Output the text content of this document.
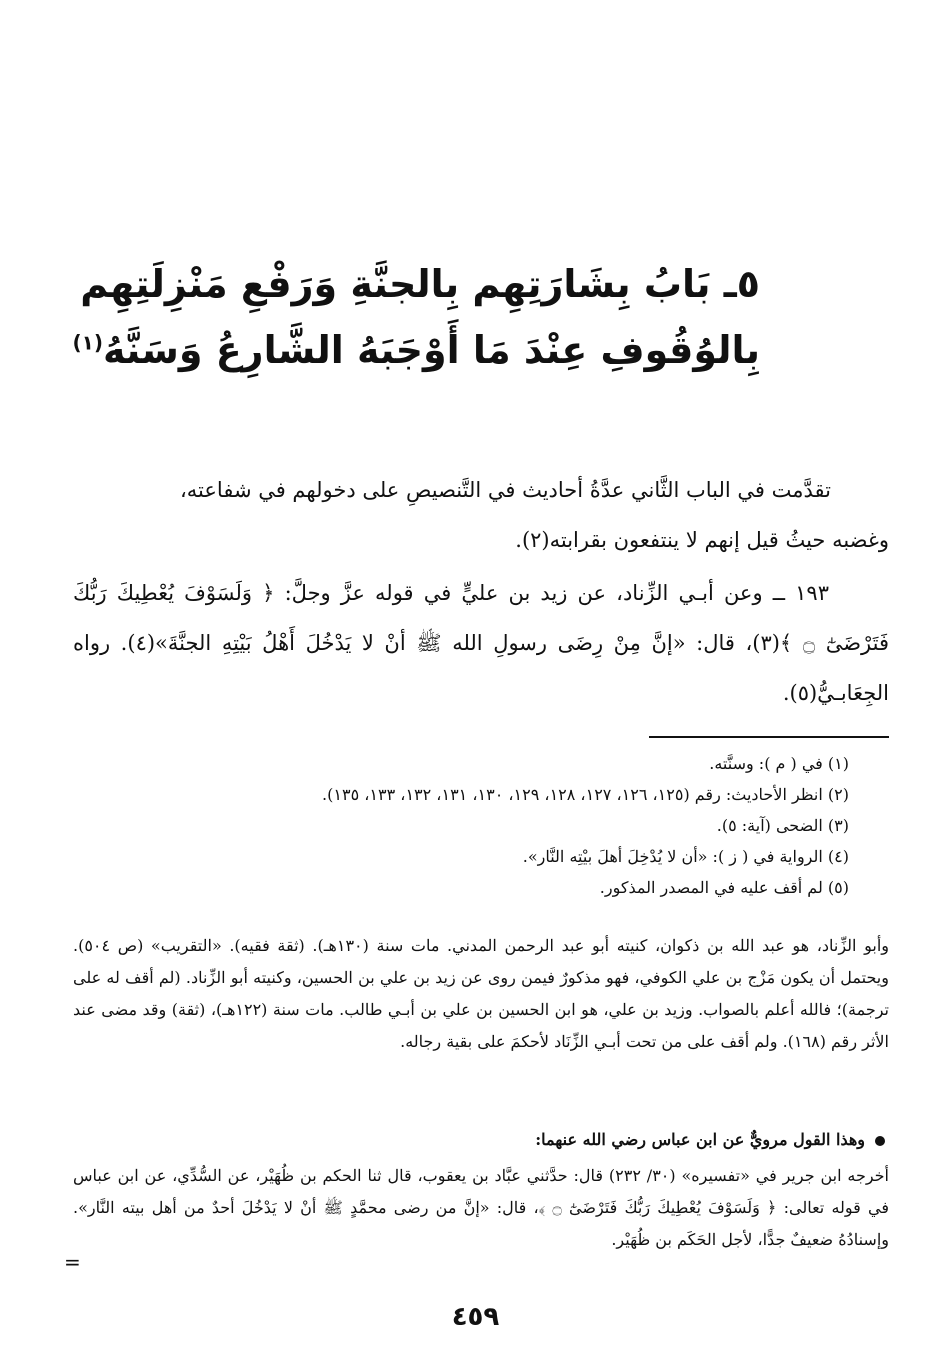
٥ـ بَابُ بِشَارَتِهِم بِالجنَّةِ وَرَفْعِ مَنْزِلَتِهِم
بِالوُقُوفِ عِنْدَ مَا أَوْجَبَهُ الشَّارِعُ وَسَنَّهُ$^{(١)}$
تقدَّمت في الباب الثَّاني عدَّةُ أحاديث في التَّنصيصِ على دخولهم في شفاعته،
وغضبه حيثُ قيل إنهم لا ينتفعون بقرابته(٢).
١٩٣ ــ وعن أبـي الزِّناد، عن زيد بن عليٍّ في قوله عزَّ وجلَّ: ﴿ وَلَسَوْفَ يُعْطِيكَ رَبُّكَ فَتَرْضَىٰٓ ۝ ﴾(٣)، قال: «إنَّ مِنْ رِضَى رسولِ الله ﷺ أنْ لا يَدْخُلَ أَهْلُ بَيْتِهِ الجنَّةَ»(٤). رواه الجِعَابـيُّ(٥).
(١) في ( م ): وسنَّته.
(٢) انظر الأحاديث: رقم (١٢٥، ١٢٦، ١٢٧، ١٢٨، ١٢٩، ١٣٠، ١٣١، ١٣٢، ١٣٣، ١٣٥).
(٣) الضحى (آية: ٥).
(٤) الرواية في ( ز ): «أن لا يُدْخِلَ أهلَ بيْتِه النَّار».
(٥) لم أقف عليه في المصدر المذكور.
وأبو الزِّناد، هو عبد الله بن ذكوان، كنيته أبو عبد الرحمن المدني. مات سنة (١٣٠هـ). (ثقة فقيه). «التقريب» (ص ٥٠٤). ويحتمل أن يكون مَزْج بن علي الكوفي، فهو مذكورٌ فيمن روى عن زيد بن علي بن الحسين، وكنيته أبو الزِّناد. (لم أقف له على ترجمة)؛ فالله أعلم بالصواب. وزيد بن علي، هو ابن الحسين بن علي بن أبـي طالب. مات سنة (١٢٢هـ)، (ثقة) وقد مضى عند الأثر رقم (١٦٨). ولم أقف على من تحت أبـي الزِّنَاد لأحكمَ على بقية رجاله.
وهذا القول مرويٌّ عن ابن عباس رضي الله عنهما:
أخرجه ابن جرير في «تفسيره» (٣٠/ ٢٣٢) قال: حدَّثني عبَّاد بن يعقوب، قال ثنا الحكم بن ظُهَيْر، عن السُّدِّي، عن ابن عباس في قوله تعالى: ﴿ وَلَسَوْفَ يُعْطِيكَ رَبُّكَ فَتَرْضَىٰٓ ۝ ﴾، قال: «إنَّ من رضى محمَّدٍ ﷺ أنْ لا يَدْخُلَ أحدٌ من أهل بيته النَّار». وإسنادُهُ ضعيفٌ جدًّا، لأجل الحَكَم بن ظُهَيْر.
=
٤٥٩
